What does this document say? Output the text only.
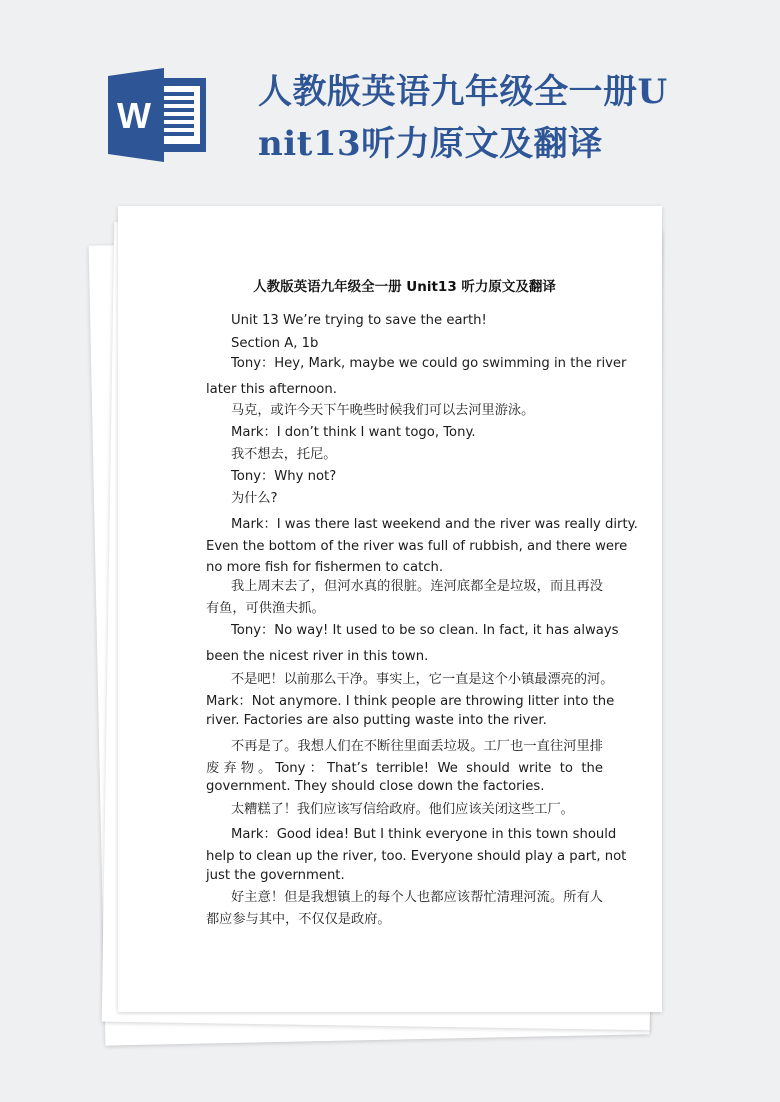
W
人教版英语九年级全一册Unit13听力原文及翻译
人教版英语九年级全一册 Unit13 听力原文及翻译
Unit 13 We’re trying to save the earth!
Section A, 1b
Tony：Hey, Mark, maybe we could go swimming in the river
later this afternoon.
马克，或许今天下午晚些时候我们可以去河里游泳。
Mark：I don’t think I want togo, Tony.
我不想去，托尼。
Tony：Why not?
为什么?
Mark：I was there last weekend and the river was really dirty.
Even the bottom of the river was full of rubbish, and there were
no more fish for fishermen to catch.
我上周末去了，但河水真的很脏。连河底都全是垃圾，而且再没
有鱼，可供渔夫抓。
Tony：No way! It used to be so clean. In fact, it has always
been the nicest river in this town.
不是吧！以前那么干净。事实上，它一直是这个小镇最漂亮的河。
Mark：Not anymore. I think people are throwing litter into the
river. Factories are also putting waste into the river.
不再是了。我想人们在不断往里面丢垃圾。工厂也一直往河里排
废弃物。Tony：That’s terrible! We should write to the
government. They should close down the factories.
太糟糕了！我们应该写信给政府。他们应该关闭这些工厂。
Mark：Good idea! But I think everyone in this town should
help to clean up the river, too. Everyone should play a part, not
just the government.
好主意！但是我想镇上的每个人也都应该帮忙清理河流。所有人
都应参与其中，不仅仅是政府。
